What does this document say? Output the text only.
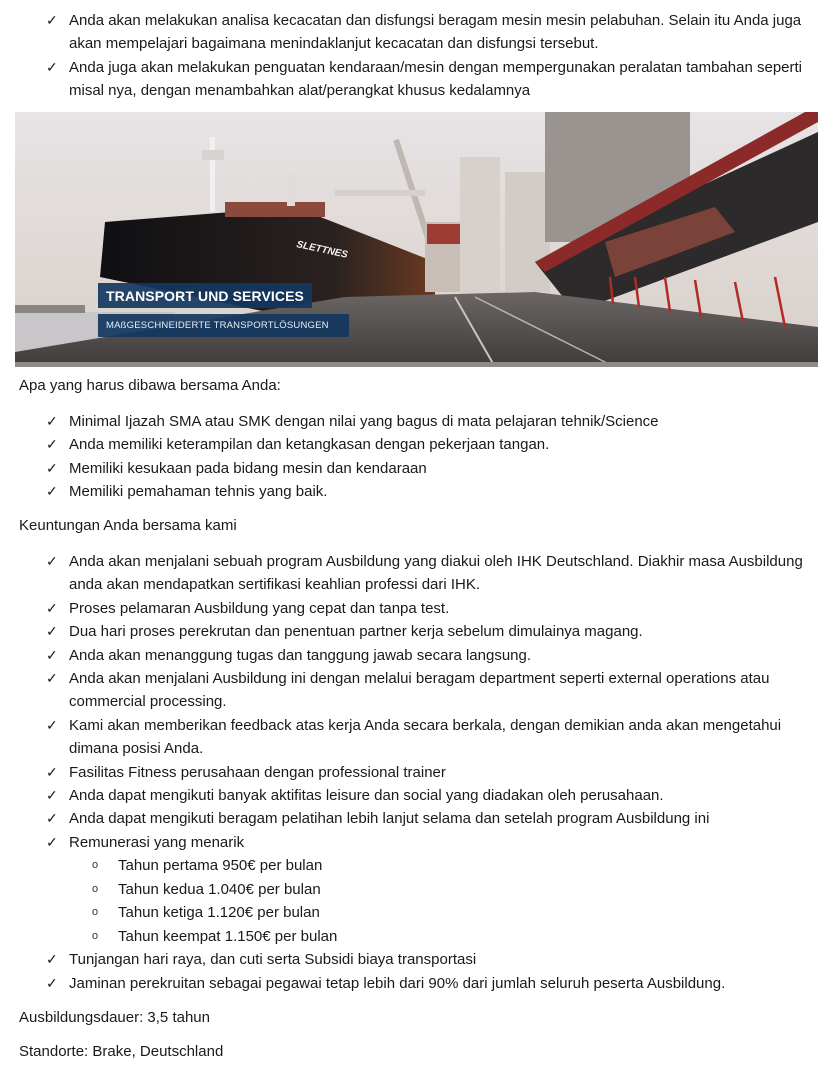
✓ Anda akan melakukan analisa kecacatan dan disfungsi beragam mesin mesin pelabuhan. Selain itu Anda juga akan mempelajari bagaimana menindaklanjut kecacatan dan disfungsi tersebut.
✓ Anda juga akan melakukan penguatan kendaraan/mesin dengan mempergunakan peralatan tambahan seperti misal nya, dengan menambahkan alat/perangkat khusus kedalamnya
SLETTNES
TRANSPORT UND SERVICES
MAßGESCHNEIDERTE TRANSPORTLÖSUNGEN
Apa yang harus dibawa bersama Anda:
✓ Minimal Ijazah SMA atau SMK dengan nilai yang bagus di mata pelajaran tehnik/Science
✓ Anda memiliki keterampilan dan ketangkasan dengan pekerjaan tangan.
✓ Memiliki kesukaan pada bidang mesin dan kendaraan
✓ Memiliki pemahaman tehnis yang baik.
Keuntungan Anda bersama kami
✓ Anda akan menjalani sebuah program Ausbildung yang diakui oleh IHK Deutschland. Diakhir masa Ausbildung anda akan mendapatkan sertifikasi keahlian professi dari IHK.
✓ Proses pelamaran Ausbildung yang cepat dan tanpa test.
✓ Dua hari proses perekrutan dan penentuan partner kerja sebelum dimulainya magang.
✓ Anda akan menanggung tugas dan tanggung jawab secara langsung.
✓ Anda akan menjalani Ausbildung ini dengan melalui beragam department seperti external operations atau commercial processing.
✓ Kami akan memberikan feedback atas kerja Anda secara berkala, dengan demikian anda akan mengetahui dimana posisi Anda.
✓ Fasilitas Fitness perusahaan dengan professional trainer
✓ Anda dapat mengikuti banyak aktifitas leisure dan social yang diadakan oleh perusahaan.
✓ Anda dapat mengikuti beragam pelatihan lebih lanjut selama dan setelah program Ausbildung ini
✓ Remunerasi yang menarik
o Tahun pertama 950€ per bulan
o Tahun kedua 1.040€ per bulan
o Tahun ketiga 1.120€ per bulan
o Tahun keempat 1.150€ per bulan
✓ Tunjangan hari raya, dan cuti serta Subsidi biaya transportasi
✓ Jaminan perekruitan sebagai pegawai tetap lebih dari 90% dari jumlah seluruh peserta Ausbildung.
Ausbildungsdauer: 3,5 tahun
Standorte: Brake, Deutschland
